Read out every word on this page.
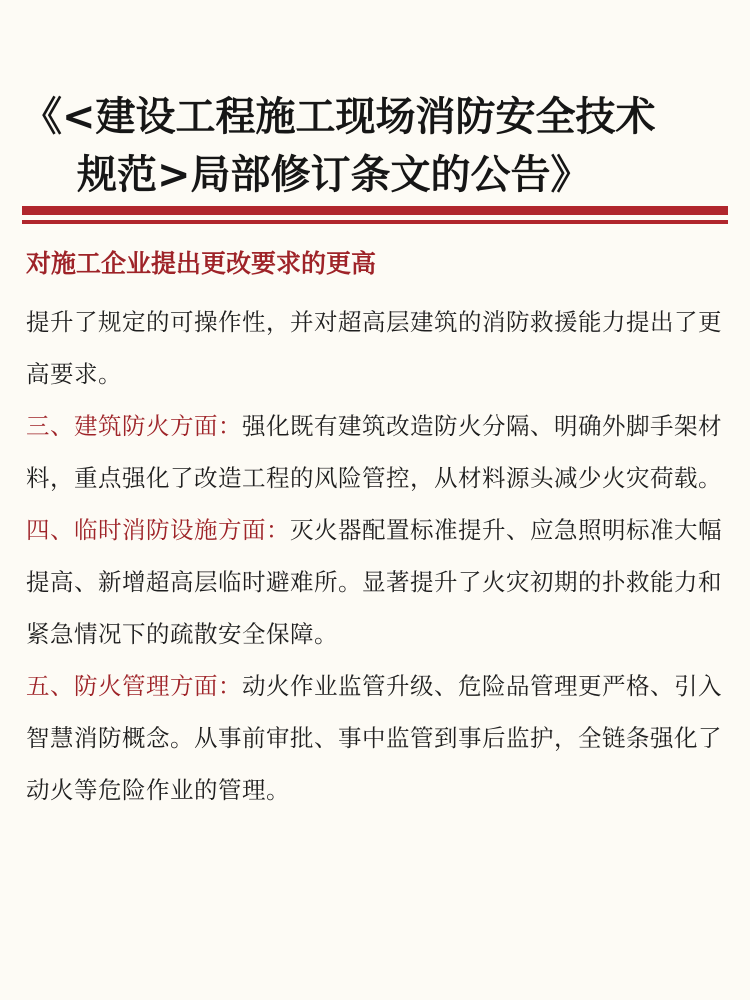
《<建设工程施工现场消防安全技术
规范>局部修订条文的公告》
对施工企业提出更改要求的更高

提升了规定的可操作性，并对超高层建筑的消防救援能力提出了更高要求。

三、建筑防火方面：强化既有建筑改造防火分隔、明确外脚手架材料，重点强化了改造工程的风险管控，从材料源头减少火灾荷载。

四、临时消防设施方面：灭火器配置标准提升、应急照明标准大幅提高、新增超高层临时避难所。显著提升了火灾初期的扑救能力和紧急情况下的疏散安全保障。

五、防火管理方面：动火作业监管升级、危险品管理更严格、引入智慧消防概念。从事前审批、事中监管到事后监护，全链条强化了动火等危险作业的管理。
